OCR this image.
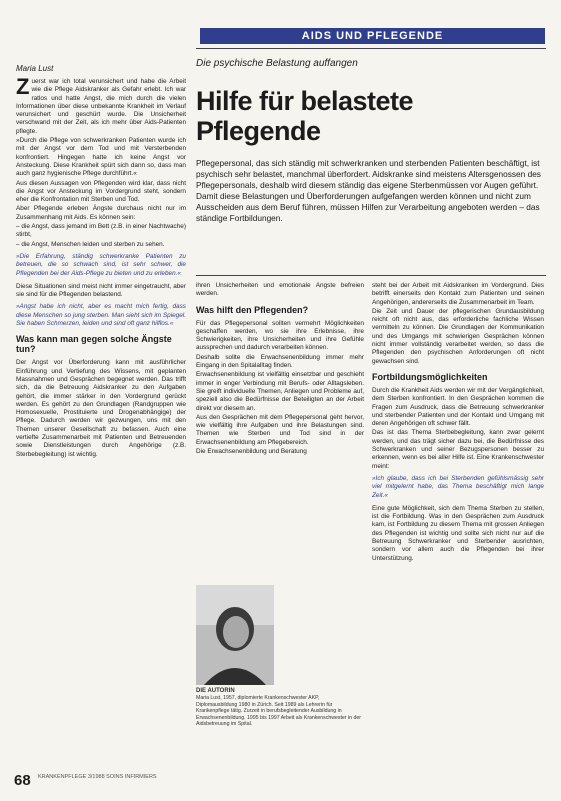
AIDS UND PFLEGENDE
Maria Lust	Die psychische Belastung auffangen
Hilfe für belastete Pflegende
Pflegepersonal, das sich ständig mit schwerkranken und sterbenden Patienten beschäftigt, ist psychisch sehr belastet, manchmal überfordert. Aidskranke sind meistens Altersgenossen des Pflegepersonals, deshalb wird diesem ständig das eigene Sterbenmüssen vor Augen geführt. Damit diese Belastungen und Überforderungen aufgefangen werden können und nicht zum Ausscheiden aus dem Beruf führen, müssen Hilfen zur Verarbeitung angeboten werden – das ständige Fortbildungen.

Zuerst war ich total verunsichert und habe die Arbeit wie die Pflege Aidskranker als Gefahr erlebt. Ich war ratlos und hatte Angst, die mich durch die vielen Informationen über diese unbekannte Krankheit im Verlauf verunsichert und geschürt wurde. Die Unsicherheit verschwand mit der Zeit, als ich mehr über Aids-Patienten pflegte.

»Durch die Pflege von schwerkranken Patienten wurde ich mit der Angst vor dem Tod und mit Versterbenden konfrontiert. Hingegen hatte ich keine Angst vor Ansteckung. Diese Krankheit spürt sich dann so, dass man auch ganz hygienische Pflege durchführt.«

Aus diesen Aussagen von Pflegenden wird klar, dass nicht die Angst vor Ansteckung im Vordergrund steht, sondern eher die Konfrontation mit Sterben und Tod.

Aber Pflegende erleben Ängste durchaus nicht nur im Zusammenhang mit Aids. Es können sein:

– die Angst, dass jemand im Bett (z.B. in einer Nachtwache) stirbt,

– die Angst, Menschen leiden und sterben zu sehen.

»Die Erfahrung, ständig schwerkranke Patienten zu betreuen, die so schwach sind, ist sehr schwer, die Pflegenden bei der Aids-Pflege zu bieten und zu erleben.«

Diese Situationen sind meist nicht immer eingetraucht, aber sie sind für die Pflegenden belastend.

»Angst habe ich nicht, aber es macht mich fertig, dass diese Menschen so jung sterben. Man sieht sich im Spiegel. Sie haben Schmerzen, leiden und sind oft ganz hilflos.«

Was kann man gegen solche Ängste tun?

Der Angst vor Überforderung kann mit ausführlicher Einführung und Vertiefung des Wissens, mit geplanten Massnahmen und Gesprächen begegnet werden. Das trifft sich, da die Betreuung Aidskranker zu den Aufgaben gehört, die immer stärker in den Vordergrund gerückt werden. Es gehört zu den Grundlagen (Randgruppen wie Homosexuelle, Prostituierte und Drogenabhängige) der Pflege. Dadurch werden wir gezwungen, uns mit den Themen unserer Gesellschaft zu befassen. Auch eine vertiefte Zusammenarbeit mit Patienten und Betreuenden sowie Dienstleistungen durch Angehörige (z.B. Sterbebegleitung) ist wichtig.

ihren Unsicherheiten und emotionale Ängste befreien werden.

Was hilft den Pflegenden?

Für das Pflegepersonal sollten vermehrt Möglichkeiten geschaffen werden, wo sie ihre Erlebnisse, ihre Schwierigkeiten, ihre Unsicherheiten und ihre Gefühle aussprechen und dadurch verarbeiten können.

Deshalb sollte die Erwachsenenbildung immer mehr Eingang in den Spitalalltag finden.

Erwachsenenbildung ist vielfältig einsetzbar und geschieht immer in enger Verbindung mit Berufs- oder Alltagsleben. Sie greift individuelle Themen, Anliegen und Probleme auf, speziell also die Bedürfnisse der Beteiligten an der Arbeit direkt vor diesem an.

Aus den Gesprächen mit dem Pflegepersonal geht hervor, wie vielfältig ihre Aufgaben und ihre Belastungen sind. Themen wie Sterben und Tod sind in der Erwachsenenbildung am Pflegebereich.

Die Erwachsenenbildung und Beratung

DIE AUTORIN
Maria Lust, 1957, diplomierte Krankenschwester AKP, Diplomausbildung 1980 in Zürich. Seit 1989 als Lehrerin für Krankenpflege tätig. Zurzeit in berufsbegleitender Ausbildung in Erwachsenenbildung. 1995 bis 1997 Arbeit als Krankenschwester in der Aidsbetreuung im Spital.

steht bei der Arbeit mit Aidskranken im Vordergrund. Dies betrifft einerseits den Kontakt zum Patienten und seinen Angehörigen, andererseits die Zusammenarbeit im Team.

Die Zeit und Dauer der pflegerischen Grundausbildung reicht oft nicht aus, das erforderliche fachliche Wissen vermitteln zu können. Die Grundlagen der Kommunikation und des Umgangs mit schwierigen Gesprächen können nicht immer vollständig verarbeitet werden, so dass die Pflegenden den psychischen Anforderungen oft nicht gewachsen sind.

Fortbildungsmöglichkeiten

Durch die Krankheit Aids werden wir mit der Vergänglichkeit, dem Sterben konfrontiert. In den Gesprächen kommen die Fragen zum Ausdruck, dass die Betreuung schwerkranker und sterbender Patienten und der Kontakt und Umgang mit deren Angehörigen oft schwer fällt.

Das ist das Thema Sterbebegleitung, kann zwar gelernt werden, und das trägt sicher dazu bei, die Bedürfnisse des Schwerkranken und seiner Bezugspersonen besser zu erkennen, wenn es bei aller Hilfe ist. Eine Krankenschwester meint:

»Ich glaube, dass ich bei Sterbenden gefühlsmässig sehr viel mitgelernt habe, das Thema beschäftigt mich lange Zeit.«

Eine gute Möglichkeit, sich dem Thema Sterben zu stellen, ist die Fortbildung. Was in den Gesprächen zum Ausdruck kam, ist Fortbildung zu diesem Thema mit grossen Anliegen des Pflegenden ist wichtig und sollte sich nicht nur auf die Betreuung Schwerkranker und Sterbender ausrichten, sondern vor allem auch die Pflegenden bei ihrer Unterstützung.

68 KRANKENPFLEGE 3/1988 SOINS INFIRMIERS
